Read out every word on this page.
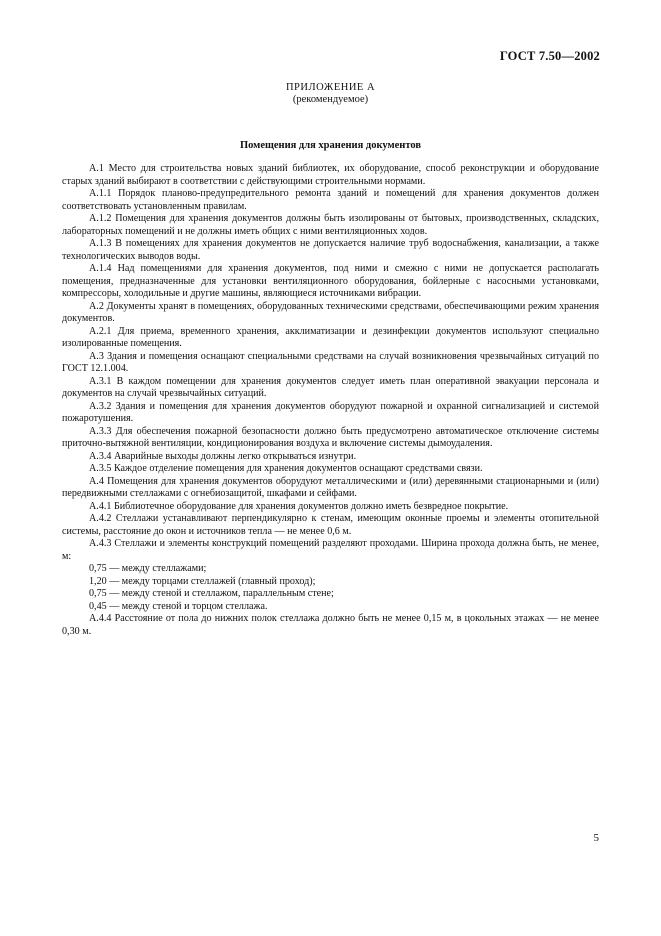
ГОСТ 7.50—2002
ПРИЛОЖЕНИЕ А
(рекомендуемое)
Помещения для хранения документов

А.1 Место для строительства новых зданий библиотек, их оборудование, способ реконструкции и оборудование старых зданий выбирают в соответствии с действующими строительными нормами.

А.1.1 Порядок планово-предупредительного ремонта зданий и помещений для хранения документов должен соответствовать установленным правилам.

А.1.2 Помещения для хранения документов должны быть изолированы от бытовых, производственных, складских, лабораторных помещений и не должны иметь общих с ними вентиляционных ходов.

А.1.3 В помещениях для хранения документов не допускается наличие труб водоснабжения, канализации, а также технологических выводов воды.

А.1.4 Над помещениями для хранения документов, под ними и смежно с ними не допускается располагать помещения, предназначенные для установки вентиляционного оборудования, бойлерные с насосными установками, компрессоры, холодильные и другие машины, являющиеся источниками вибрации.

А.2 Документы хранят в помещениях, оборудованных техническими средствами, обеспечивающими режим хранения документов.

А.2.1 Для приема, временного хранения, акклиматизации и дезинфекции документов используют специально изолированные помещения.

А.3 Здания и помещения оснащают специальными средствами на случай возникновения чрезвычайных ситуаций по ГОСТ 12.1.004.

А.3.1 В каждом помещении для хранения документов следует иметь план оперативной эвакуации персонала и документов на случай чрезвычайных ситуаций.

А.3.2 Здания и помещения для хранения документов оборудуют пожарной и охранной сигнализацией и системой пожаротушения.

А.3.3 Для обеспечения пожарной безопасности должно быть предусмотрено автоматическое отключение системы приточно-вытяжной вентиляции, кондиционирования воздуха и включение системы дымоудаления.

А.3.4 Аварийные выходы должны легко открываться изнутри.

А.3.5 Каждое отделение помещения для хранения документов оснащают средствами связи.

А.4 Помещения для хранения документов оборудуют металлическими и (или) деревянными стационарными и (или) передвижными стеллажами с огнебиозащитой, шкафами и сейфами.

А.4.1 Библиотечное оборудование для хранения документов должно иметь безвредное покрытие.

А.4.2 Стеллажи устанавливают перпендикулярно к стенам, имеющим оконные проемы и элементы отопительной системы, расстояние до окон и источников тепла — не менее 0,6 м.

А.4.3 Стеллажи и элементы конструкций помещений разделяют проходами. Ширина прохода должна быть, не менее, м:

0,75 — между стеллажами;

1,20 — между торцами стеллажей (главный проход);

0,75 — между стеной и стеллажом, параллельным стене;

0,45 — между стеной и торцом стеллажа.

А.4.4 Расстояние от пола до нижних полок стеллажа должно быть не менее 0,15 м, в цокольных этажах — не менее 0,30 м.

5
